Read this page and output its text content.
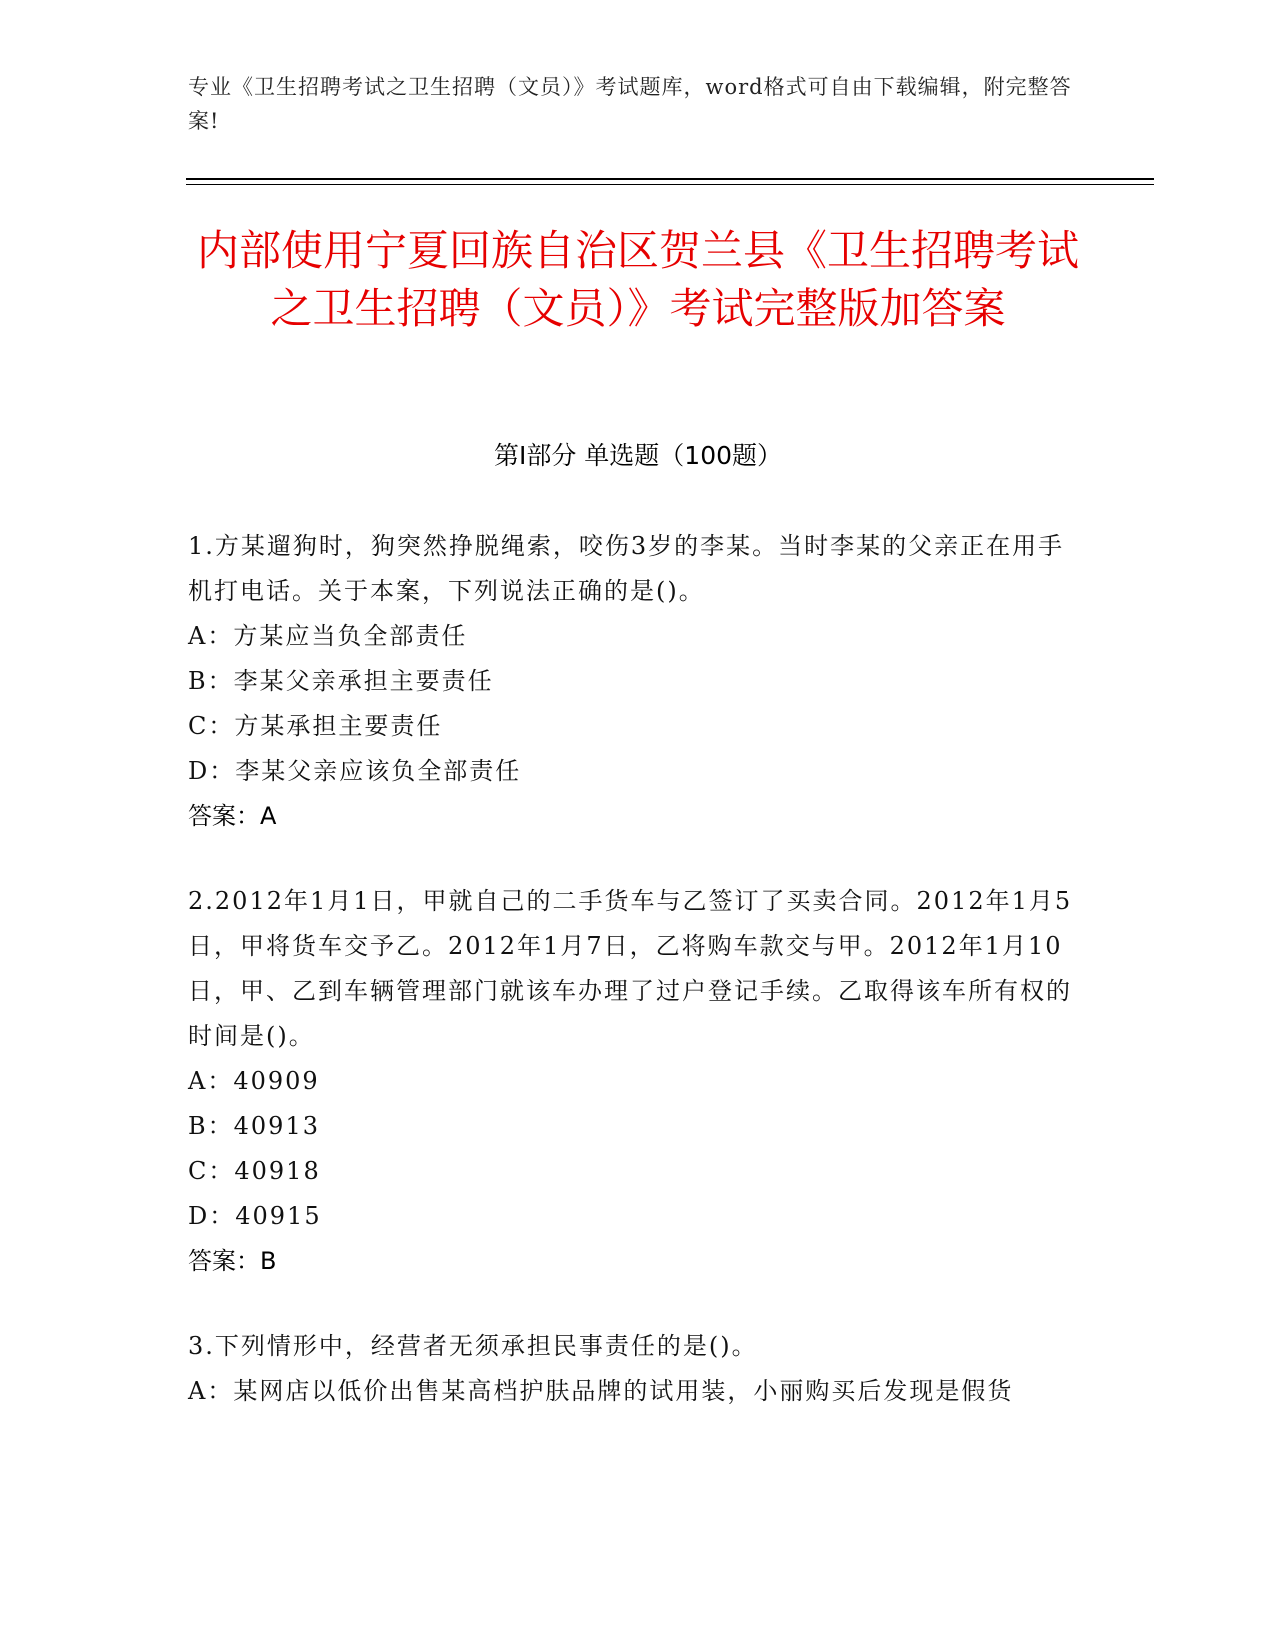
专业《卫生招聘考试之卫生招聘（文员）》考试题库，word格式可自由下载编辑，附完整答案!
内部使用宁夏回族自治区贺兰县《卫生招聘考试之卫生招聘（文员）》考试完整版加答案
第I部分 单选题（100题）
1.方某遛狗时，狗突然挣脱绳索，咬伤3岁的李某。当时李某的父亲正在用手机打电话。关于本案，下列说法正确的是()。
A：方某应当负全部责任
B：李某父亲承担主要责任
C：方某承担主要责任
D：李某父亲应该负全部责任
答案：A
2.2012年1月1日，甲就自己的二手货车与乙签订了买卖合同。2012年1月5日，甲将货车交予乙。2012年1月7日，乙将购车款交与甲。2012年1月10日，甲、乙到车辆管理部门就该车办理了过户登记手续。乙取得该车所有权的时间是()。
A：40909
B：40913
C：40918
D：40915
答案：B
3.下列情形中，经营者无须承担民事责任的是()。
A：某网店以低价出售某高档护肤品牌的试用装，小丽购买后发现是假货
